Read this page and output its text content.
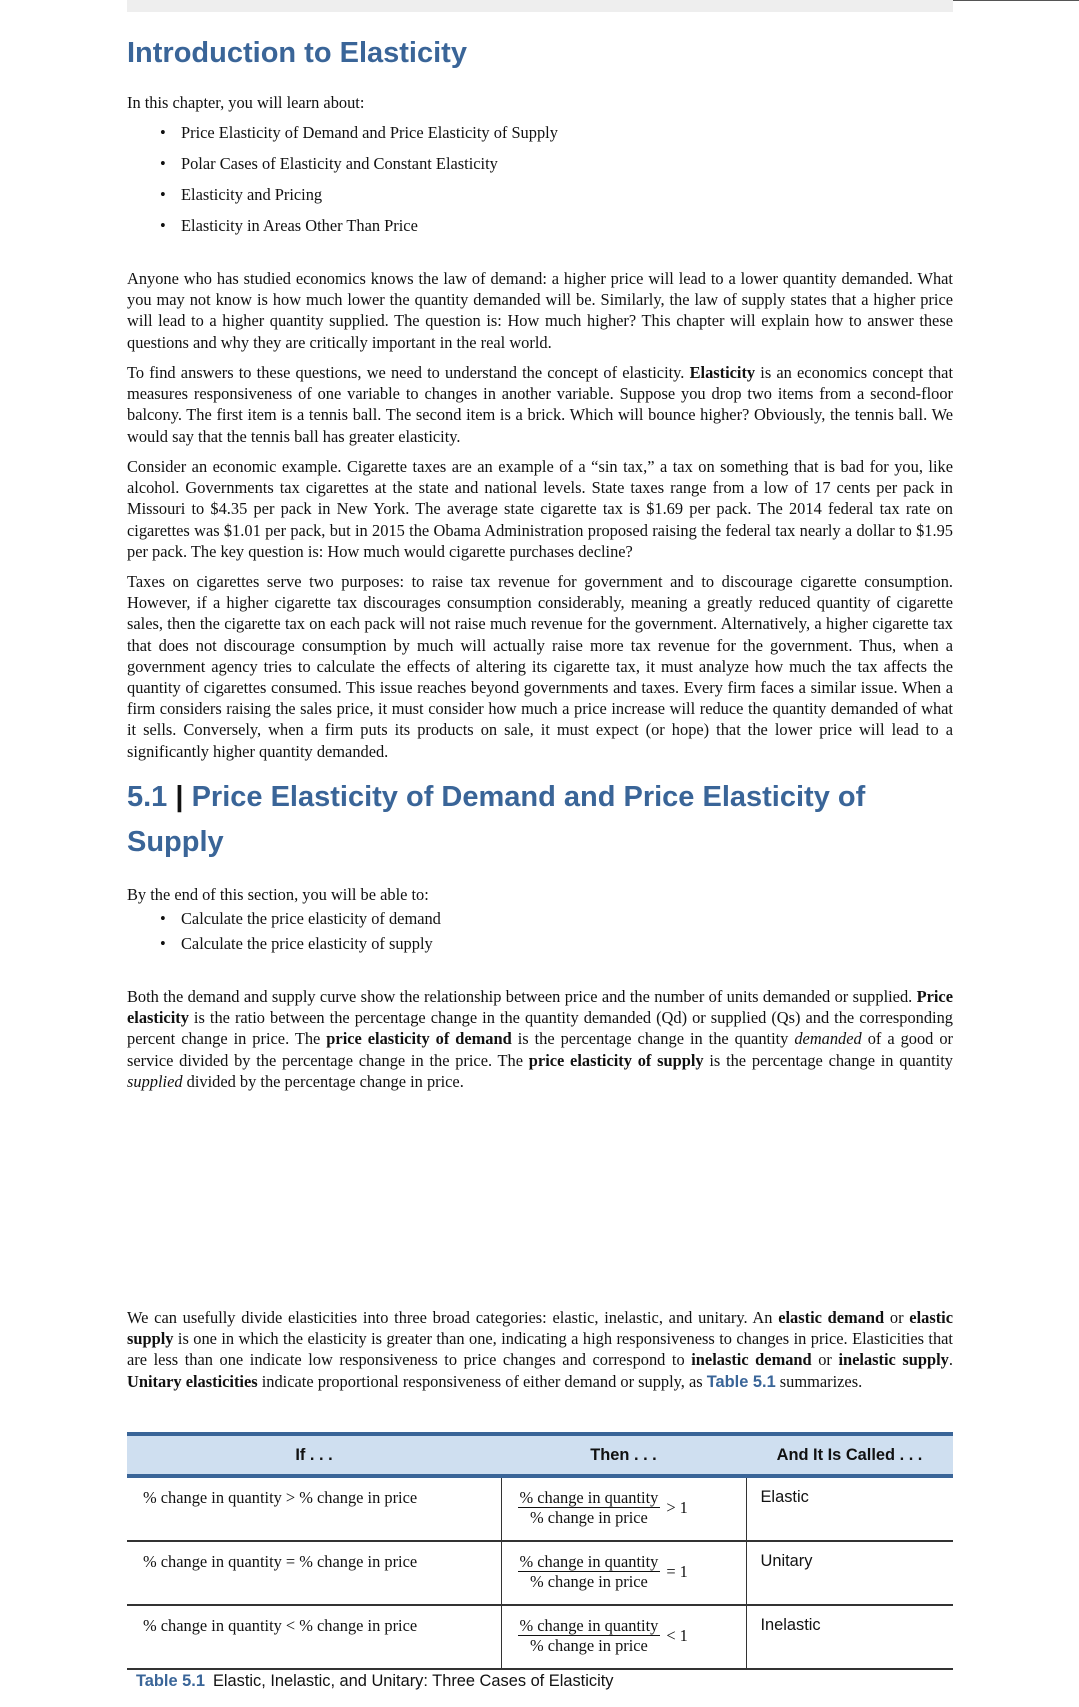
Introduction to Elasticity

In this chapter, you will learn about:

• Price Elasticity of Demand and Price Elasticity of Supply
• Polar Cases of Elasticity and Constant Elasticity
• Elasticity and Pricing
• Elasticity in Areas Other Than Price

Anyone who has studied economics knows the law of demand: a higher price will lead to a lower quantity demanded. What you may not know is how much lower the quantity demanded will be. Similarly, the law of supply states that a higher price will lead to a higher quantity supplied. The question is: How much higher? This chapter will explain how to answer these questions and why they are critically important in the real world.

To find answers to these questions, we need to understand the concept of elasticity. Elasticity is an economics concept that measures responsiveness of one variable to changes in another variable. Suppose you drop two items from a second-floor balcony. The first item is a tennis ball. The second item is a brick. Which will bounce higher? Obviously, the tennis ball. We would say that the tennis ball has greater elasticity.

Consider an economic example. Cigarette taxes are an example of a “sin tax,” a tax on something that is bad for you, like alcohol. Governments tax cigarettes at the state and national levels. State taxes range from a low of 17 cents per pack in Missouri to $4.35 per pack in New York. The average state cigarette tax is $1.69 per pack. The 2014 federal tax rate on cigarettes was $1.01 per pack, but in 2015 the Obama Administration proposed raising the federal tax nearly a dollar to $1.95 per pack. The key question is: How much would cigarette purchases decline?

Taxes on cigarettes serve two purposes: to raise tax revenue for government and to discourage cigarette consumption. However, if a higher cigarette tax discourages consumption considerably, meaning a greatly reduced quantity of cigarette sales, then the cigarette tax on each pack will not raise much revenue for the government. Alternatively, a higher cigarette tax that does not discourage consumption by much will actually raise more tax revenue for the government. Thus, when a government agency tries to calculate the effects of altering its cigarette tax, it must analyze how much the tax affects the quantity of cigarettes consumed. This issue reaches beyond governments and taxes. Every firm faces a similar issue. When a firm considers raising the sales price, it must consider how much a price increase will reduce the quantity demanded of what it sells. Conversely, when a firm puts its products on sale, it must expect (or hope) that the lower price will lead to a significantly higher quantity demanded.

5.1 | Price Elasticity of Demand and Price Elasticity of Supply

By the end of this section, you will be able to:

• Calculate the price elasticity of demand
• Calculate the price elasticity of supply

Both the demand and supply curve show the relationship between price and the number of units demanded or supplied. Price elasticity is the ratio between the percentage change in the quantity demanded (Qd) or supplied (Qs) and the corresponding percent change in price. The price elasticity of demand is the percentage change in the quantity demanded of a good or service divided by the percentage change in the price. The price elasticity of supply is the percentage change in quantity supplied divided by the percentage change in price.

We can usefully divide elasticities into three broad categories: elastic, inelastic, and unitary. An elastic demand or elastic supply is one in which the elasticity is greater than one, indicating a high responsiveness to changes in price. Elasticities that are less than one indicate low responsiveness to price changes and correspond to inelastic demand or inelastic supply. Unitary elasticities indicate proportional responsiveness of either demand or supply, as Table 5.1 summarizes.

If . . .	Then . . .	And It Is Called . . .
% change in quantity > % change in price	$\frac{\text{\% change in quantity}}{\text{\% change in price}} > 1$	Elastic
% change in quantity = % change in price	$\frac{\text{\% change in quantity}}{\text{\% change in price}} = 1$	Unitary
% change in quantity < % change in price	$\frac{\text{\% change in quantity}}{\text{\% change in price}} < 1$	Inelastic
Table 5.1 Elastic, Inelastic, and Unitary: Three Cases of Elasticity
